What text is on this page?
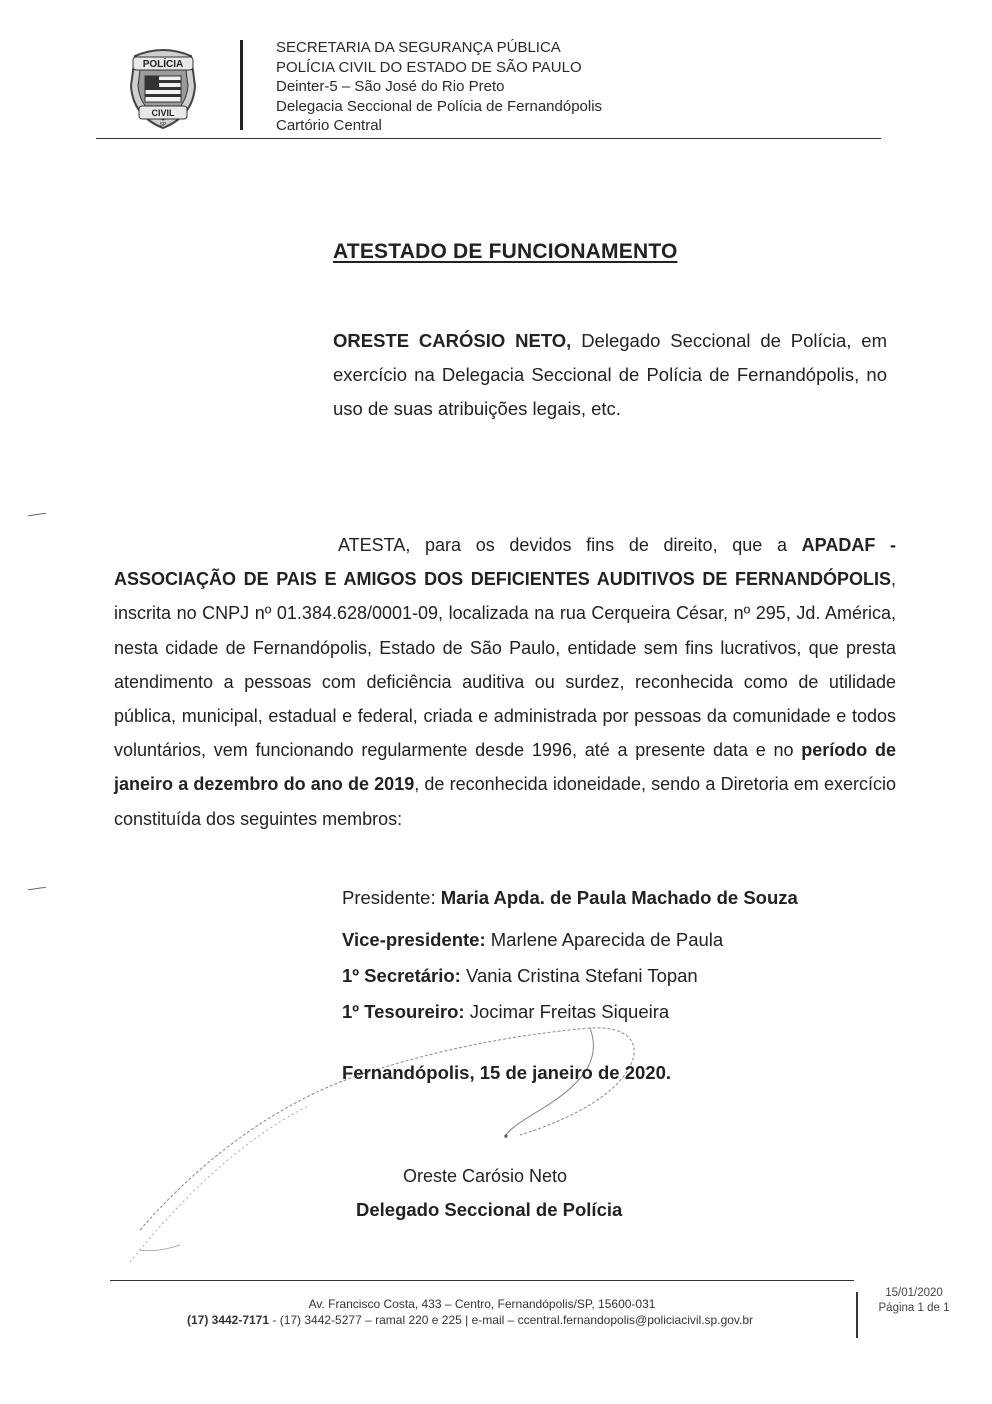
POLÍCIA
CIVIL
SP
SECRETARIA DA SEGURANÇA PÚBLICA
POLÍCIA CIVIL DO ESTADO DE SÃO PAULO
Deinter-5 – São José do Rio Preto
Delegacia Seccional de Polícia de Fernandópolis
Cartório Central
ATESTADO DE FUNCIONAMENTO
ORESTE CARÓSIO NETO, Delegado Seccional de Polícia, em exercício na Delegacia Seccional de Polícia de Fernandópolis, no uso de suas atribuições legais, etc.
ATESTA, para os devidos fins de direito, que a APADAF - ASSOCIAÇÃO DE PAIS E AMIGOS DOS DEFICIENTES AUDITIVOS DE FERNANDÓPOLIS, inscrita no CNPJ nº 01.384.628/0001-09, localizada na rua Cerqueira César, nº 295, Jd. América, nesta cidade de Fernandópolis, Estado de São Paulo, entidade sem fins lucrativos, que presta atendimento a pessoas com deficiência auditiva ou surdez, reconhecida como de utilidade pública, municipal, estadual e federal, criada e administrada por pessoas da comunidade e todos voluntários, vem funcionando regularmente desde 1996, até a presente data e no período de janeiro a dezembro do ano de 2019, de reconhecida idoneidade, sendo a Diretoria em exercício constituída dos seguintes membros:
Presidente: Maria Apda. de Paula Machado de Souza
Vice-presidente: Marlene Aparecida de Paula
1º Secretário: Vania Cristina Stefani Topan
1º Tesoureiro: Jocimar Freitas Siqueira
Fernandópolis, 15 de janeiro de 2020.
Oreste Carósio Neto
Delegado Seccional de Polícia
Av. Francisco Costa, 433 – Centro, Fernandópolis/SP, 15600-031
(17) 3442-7171 - (17) 3442-5277 – ramal 220 e 225 | e-mail – ccentral.fernandopolis@policiacivil.sp.gov.br
15/01/2020
Página 1 de 1
